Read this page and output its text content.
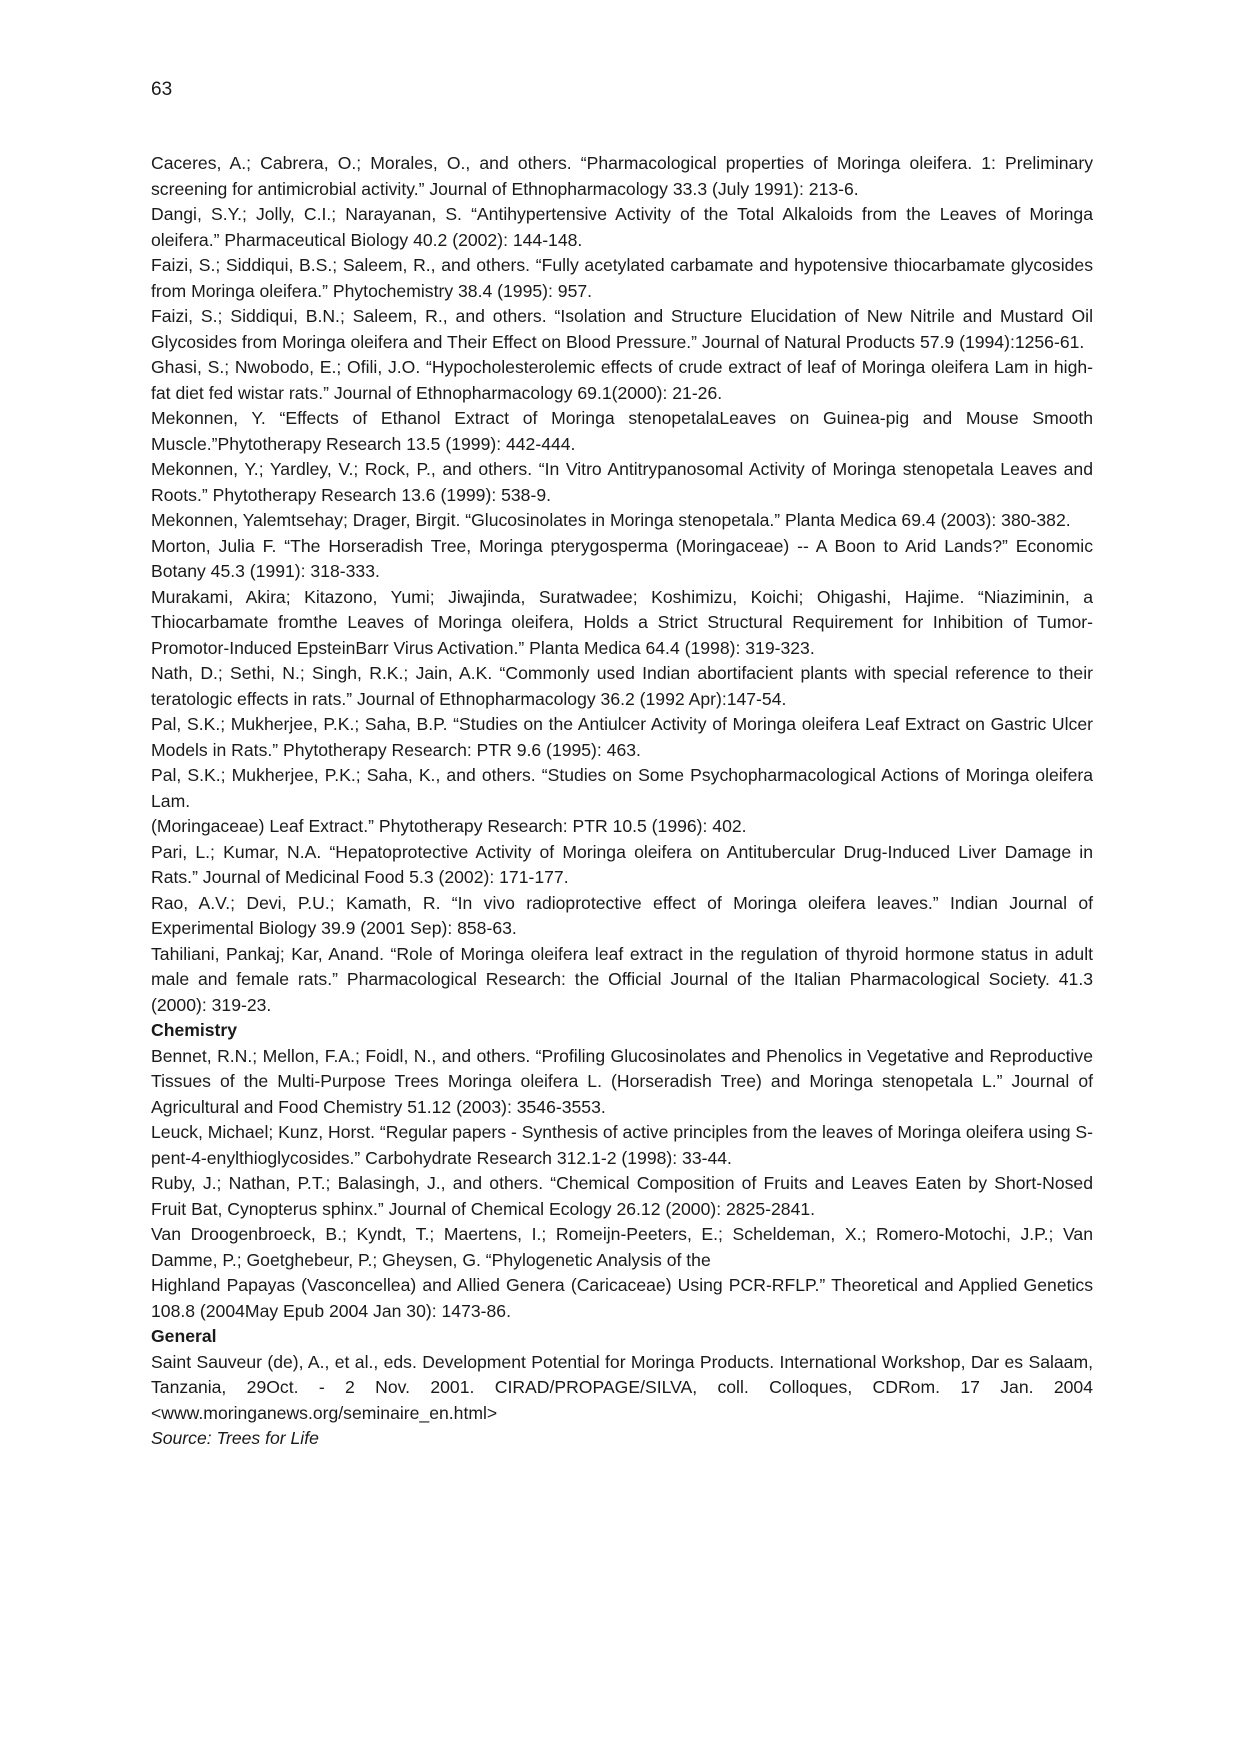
63

Caceres, A.; Cabrera, O.; Morales, O., and others. “Pharmacological properties of Moringa oleifera. 1: Preliminary screening for antimicrobial activity.” Journal of Ethnopharmacology 33.3 (July 1991): 213-6.

Dangi, S.Y.; Jolly, C.I.; Narayanan, S. “Antihypertensive Activity of the Total Alkaloids from the Leaves of Moringa oleifera.” Pharmaceutical Biology 40.2 (2002): 144-148.

Faizi, S.; Siddiqui, B.S.; Saleem, R., and others. “Fully acetylated carbamate and hypotensive thiocarbamate glycosides from Moringa oleifera.” Phytochemistry 38.4 (1995): 957.

Faizi, S.; Siddiqui, B.N.; Saleem, R., and others. “Isolation and Structure Elucidation of New Nitrile and Mustard Oil Glycosides from Moringa oleifera and Their Effect on Blood Pressure.” Journal of Natural Products 57.9 (1994):1256-61.

Ghasi, S.; Nwobodo, E.; Ofili, J.O. “Hypocholesterolemic effects of crude extract of leaf of Moringa oleifera Lam in high-fat diet fed wistar rats.” Journal of Ethnopharmacology 69.1(2000): 21-26.

Mekonnen, Y. “Effects of Ethanol Extract of Moringa stenopetalaLeaves on Guinea-pig and Mouse Smooth Muscle.”Phytotherapy Research 13.5 (1999): 442-444.

Mekonnen, Y.; Yardley, V.; Rock, P., and others. “In Vitro Antitrypanosomal Activity of Moringa stenopetala Leaves and Roots.” Phytotherapy Research 13.6 (1999): 538-9.

Mekonnen, Yalemtsehay; Drager, Birgit. “Glucosinolates in Moringa stenopetala.” Planta Medica 69.4 (2003): 380-382.

Morton, Julia F. “The Horseradish Tree, Moringa pterygosperma (Moringaceae) -- A Boon to Arid Lands?” Economic Botany 45.3 (1991): 318-333.

Murakami, Akira; Kitazono, Yumi; Jiwajinda, Suratwadee; Koshimizu, Koichi; Ohigashi, Hajime. “Niaziminin, a Thiocarbamate fromthe Leaves of Moringa oleifera, Holds a Strict Structural Requirement for Inhibition of Tumor-Promotor-Induced EpsteinBarr Virus Activation.” Planta Medica 64.4 (1998): 319-323.

Nath, D.; Sethi, N.; Singh, R.K.; Jain, A.K. “Commonly used Indian abortifacient plants with special reference to their teratologic effects in rats.” Journal of Ethnopharmacology 36.2 (1992 Apr):147-54.

Pal, S.K.; Mukherjee, P.K.; Saha, B.P. “Studies on the Antiulcer Activity of Moringa oleifera Leaf Extract on Gastric Ulcer Models in Rats.” Phytotherapy Research: PTR 9.6 (1995): 463.

Pal, S.K.; Mukherjee, P.K.; Saha, K., and others. “Studies on Some Psychopharmacological Actions of Moringa oleifera Lam.

(Moringaceae) Leaf Extract.” Phytotherapy Research: PTR 10.5 (1996): 402.

Pari, L.; Kumar, N.A. “Hepatoprotective Activity of Moringa oleifera on Antitubercular Drug-Induced Liver Damage in Rats.” Journal of Medicinal Food 5.3 (2002): 171-177.

Rao, A.V.; Devi, P.U.; Kamath, R. “In vivo radioprotective effect of Moringa oleifera leaves.” Indian Journal of Experimental Biology 39.9 (2001 Sep): 858-63.

Tahiliani, Pankaj; Kar, Anand. “Role of Moringa oleifera leaf extract in the regulation of thyroid hormone status in adult male and female rats.” Pharmacological Research: the Official Journal of the Italian Pharmacological Society. 41.3 (2000): 319-23.

Chemistry

Bennet, R.N.; Mellon, F.A.; Foidl, N., and others. “Profiling Glucosinolates and Phenolics in Vegetative and Reproductive Tissues of the Multi-Purpose Trees Moringa oleifera L. (Horseradish Tree) and Moringa stenopetala L.” Journal of Agricultural and Food Chemistry 51.12 (2003): 3546-3553.

Leuck, Michael; Kunz, Horst. “Regular papers - Synthesis of active principles from the leaves of Moringa oleifera using S-pent-4-enylthioglycosides.” Carbohydrate Research 312.1-2 (1998): 33-44.

Ruby, J.; Nathan, P.T.; Balasingh, J., and others. “Chemical Composition of Fruits and Leaves Eaten by Short-Nosed Fruit Bat, Cynopterus sphinx.” Journal of Chemical Ecology 26.12 (2000): 2825-2841.

Van Droogenbroeck, B.; Kyndt, T.; Maertens, I.; Romeijn-Peeters, E.; Scheldeman, X.; Romero-Motochi, J.P.; Van Damme, P.; Goetghebeur, P.; Gheysen, G. “Phylogenetic Analysis of the

Highland Papayas (Vasconcellea) and Allied Genera (Caricaceae) Using PCR-RFLP.” Theoretical and Applied Genetics 108.8 (2004May Epub 2004 Jan 30): 1473-86.

General

Saint Sauveur (de), A., et al., eds. Development Potential for Moringa Products. International Workshop, Dar es Salaam, Tanzania, 29Oct. - 2 Nov. 2001. CIRAD/PROPAGE/SILVA, coll. Colloques, CDRom. 17 Jan. 2004 <www.moringanews.org/seminaire_en.html>

Source: Trees for Life
